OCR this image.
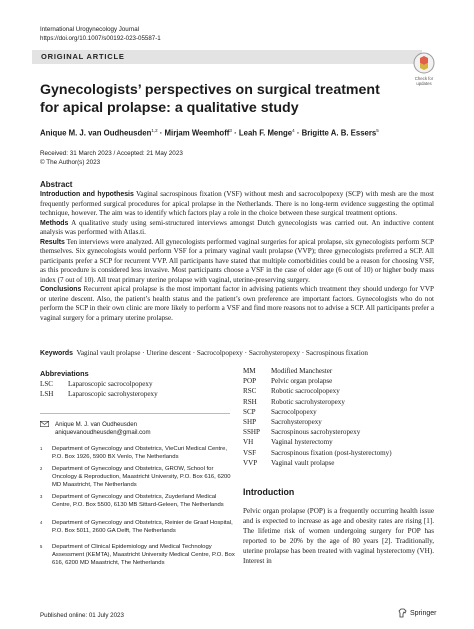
International Urogynecology Journal
https://doi.org/10.1007/s00192-023-05587-1
ORIGINAL ARTICLE
Check for
updates
Gynecologists’ perspectives on surgical treatment for apical prolapse: a qualitative study
Anique M. J. van Oudheusden$^{1,2}$ · Mirjam Weemhoff$^3$ · Leah F. Menge$^4$ · Brigitte A. B. Essers$^5$
Received: 31 March 2023 / Accepted: 21 May 2023
© The Author(s) 2023
Abstract

Introduction and hypothesis Vaginal sacrospinous fixation (VSF) without mesh and sacrocolpopexy (SCP) with mesh are the most frequently performed surgical procedures for apical prolapse in the Netherlands. There is no long-term evidence suggesting the optimal technique, however. The aim was to identify which factors play a role in the choice between these surgical treatment options.

Methods A qualitative study using semi-structured interviews amongst Dutch gynecologists was carried out. An inductive content analysis was performed with Atlas.ti.

Results Ten interviews were analyzed. All gynecologists performed vaginal surgeries for apical prolapse, six gynecologists perform SCP themselves. Six gynecologists would perform VSF for a primary vaginal vault prolapse (VVP); three gynecologists preferred a SCP. All participants prefer a SCP for recurrent VVP. All participants have stated that multiple comorbidities could be a reason for choosing VSF, as this procedure is considered less invasive. Most participants choose a VSF in the case of older age (6 out of 10) or higher body mass index (7 out of 10). All treat primary uterine prolapse with vaginal, uterine-preserving surgery.

Conclusions Recurrent apical prolapse is the most important factor in advising patients which treatment they should undergo for VVP or uterine descent. Also, the patient’s health status and the patient’s own preference are important factors. Gynecologists who do not perform the SCP in their own clinic are more likely to perform a VSF and find more reasons not to advise a SCP. All participants prefer a vaginal surgery for a primary uterine prolapse.

Keywords Vaginal vault prolapse · Uterine descent · Sacrocolpopexy · Sacrohysteropexy · Sacrospinous fixation
Abbreviations
LSC	Laparoscopic sacrocolpopexy
LSH	Laparoscopic sacrohysteropexy
MM	Modified Manchester
POP	Pelvic organ prolapse
RSC	Robotic sacrocolpopexy
RSH	Robotic sacrohysteropexy
SCP	Sacrocolpopexy
SHP	Sacrohysteropexy
SSHP	Sacrospinous sacrohysteropexy
VH	Vaginal hysterectomy
VSF	Sacrospinous fixation (post-hysterectomy)
VVP	Vaginal vault prolapse
Anique M. J. van Oudheusden
aniquevanoudheusden@gmail.com
1 Department of Gynecology and Obstetrics, VieCuri Medical Centre, P.O. Box 1926, 5900 BX Venlo, The Netherlands
2 Department of Gynecology and Obstetrics, GROW, School for Oncology & Reproduction, Maastricht University, P.O. Box 616, 6200 MD Maastricht, The Netherlands
3 Department of Gynecology and Obstetrics, Zuyderland Medical Centre, P.O. Box 5500, 6130 MB Sittard-Geleen, The Netherlands
4 Department of Gynecology and Obstetrics, Reinier de Graaf Hospital, P.O. Box 5011, 2600 GA Delft, The Netherlands
5 Department of Clinical Epidemiology and Medical Technology Assessment (KEMTA), Maastricht University Medical Centre, P.O. Box 616, 6200 MD Maastricht, The Netherlands
Introduction
Pelvic organ prolapse (POP) is a frequently occurring health issue and is expected to increase as age and obesity rates are rising [1]. The lifetime risk of women undergoing surgery for POP has reported to be 20% by the age of 80 years [2]. Traditionally, uterine prolapse has been treated with vaginal hysterectomy (VH). Interest in
Published online: 01 July 2023	Springer
